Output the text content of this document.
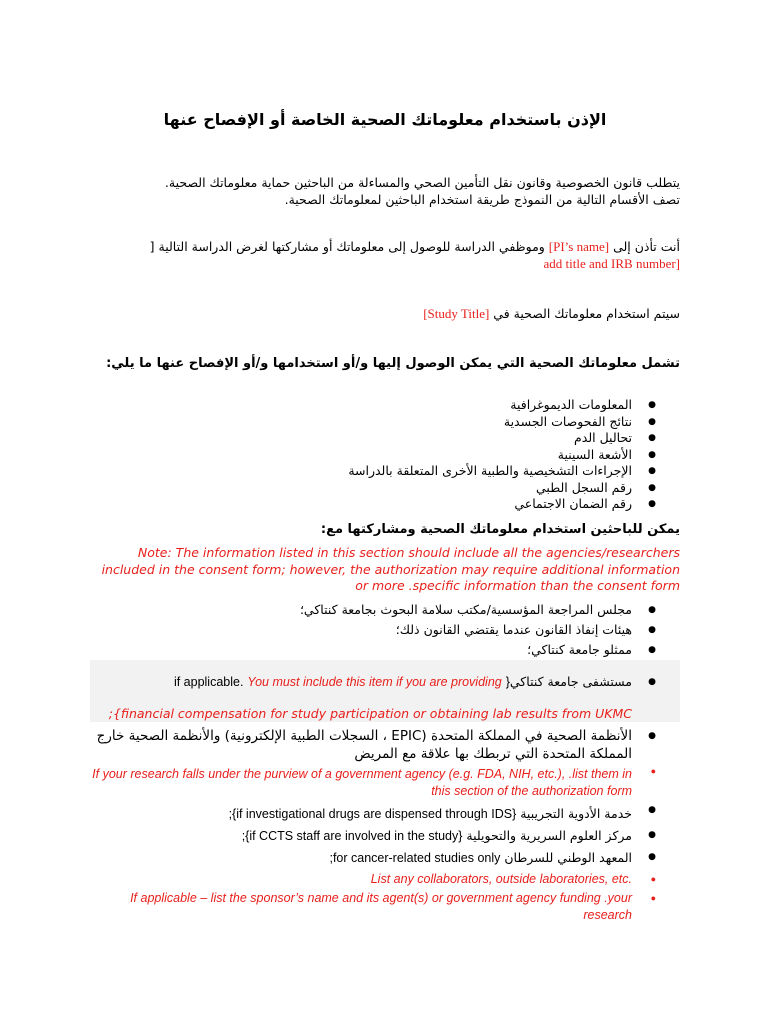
الإذن باستخدام معلوماتك الصحية الخاصة أو الإفصاح عنها
يتطلب قانون الخصوصية وقانون نقل التأمين الصحي والمساءلة من الباحثين حماية معلوماتك الصحية.
تصف الأقسام التالية من النموذج طريقة استخدام الباحثين لمعلوماتك الصحية.
أنت تأذن إلى [PI’s name] وموظفي الدراسة للوصول إلى معلوماتك أو مشاركتها لغرض الدراسة التالية [
add title and IRB number]
سيتم استخدام معلوماتك الصحية في [Study Title]
تشمل معلوماتك الصحية التي يمكن الوصول إليها و/أو استخدامها و/أو الإفصاح عنها ما يلي:
● المعلومات الديموغرافية
● نتائج الفحوصات الجسدية
● تحاليل الدم
● الأشعة السينية
● الإجراءات التشخيصية والطبية الأخرى المتعلقة بالدراسة
● رقم السجل الطبي
● رقم الضمان الاجتماعي
يمكن للباحثين استخدام معلوماتك الصحية ومشاركتها مع:
Note: The information listed in this section should include all the agencies/researchers included in the consent form; however, the authorization may require additional information or more .specific information than the consent form
● مجلس المراجعة المؤسسية/مكتب سلامة البحوث بجامعة كنتاكي؛
● هيئات إنفاذ القانون عندما يقتضي القانون ذلك؛
● ممثلو جامعة كنتاكي؛
● مستشفى جامعة كنتاكي{ You must include this item if you are providing if applicable.
;{financial compensation for study participation or obtaining lab results from UKMC
● الأنظمة الصحية في المملكة المتحدة (EPIC ، السجلات الطبية الإلكترونية) والأنظمة الصحية خارج المملكة المتحدة التي تربطك بها علاقة مع المريض
● If your research falls under the purview of a government agency (e.g. FDA, NIH, etc.), .list them in this section of the authorization form
● خدمة الأدوية التجريبية ;{if investigational drugs are dispensed through IDS}
● مركز العلوم السريرية والتحويلية ;{if CCTS staff are involved in the study}
● المعهد الوطني للسرطان ;for cancer-related studies only
● .List any collaborators, outside laboratories, etc
● If applicable – list the sponsor’s name and its agent(s) or government agency funding .your research
